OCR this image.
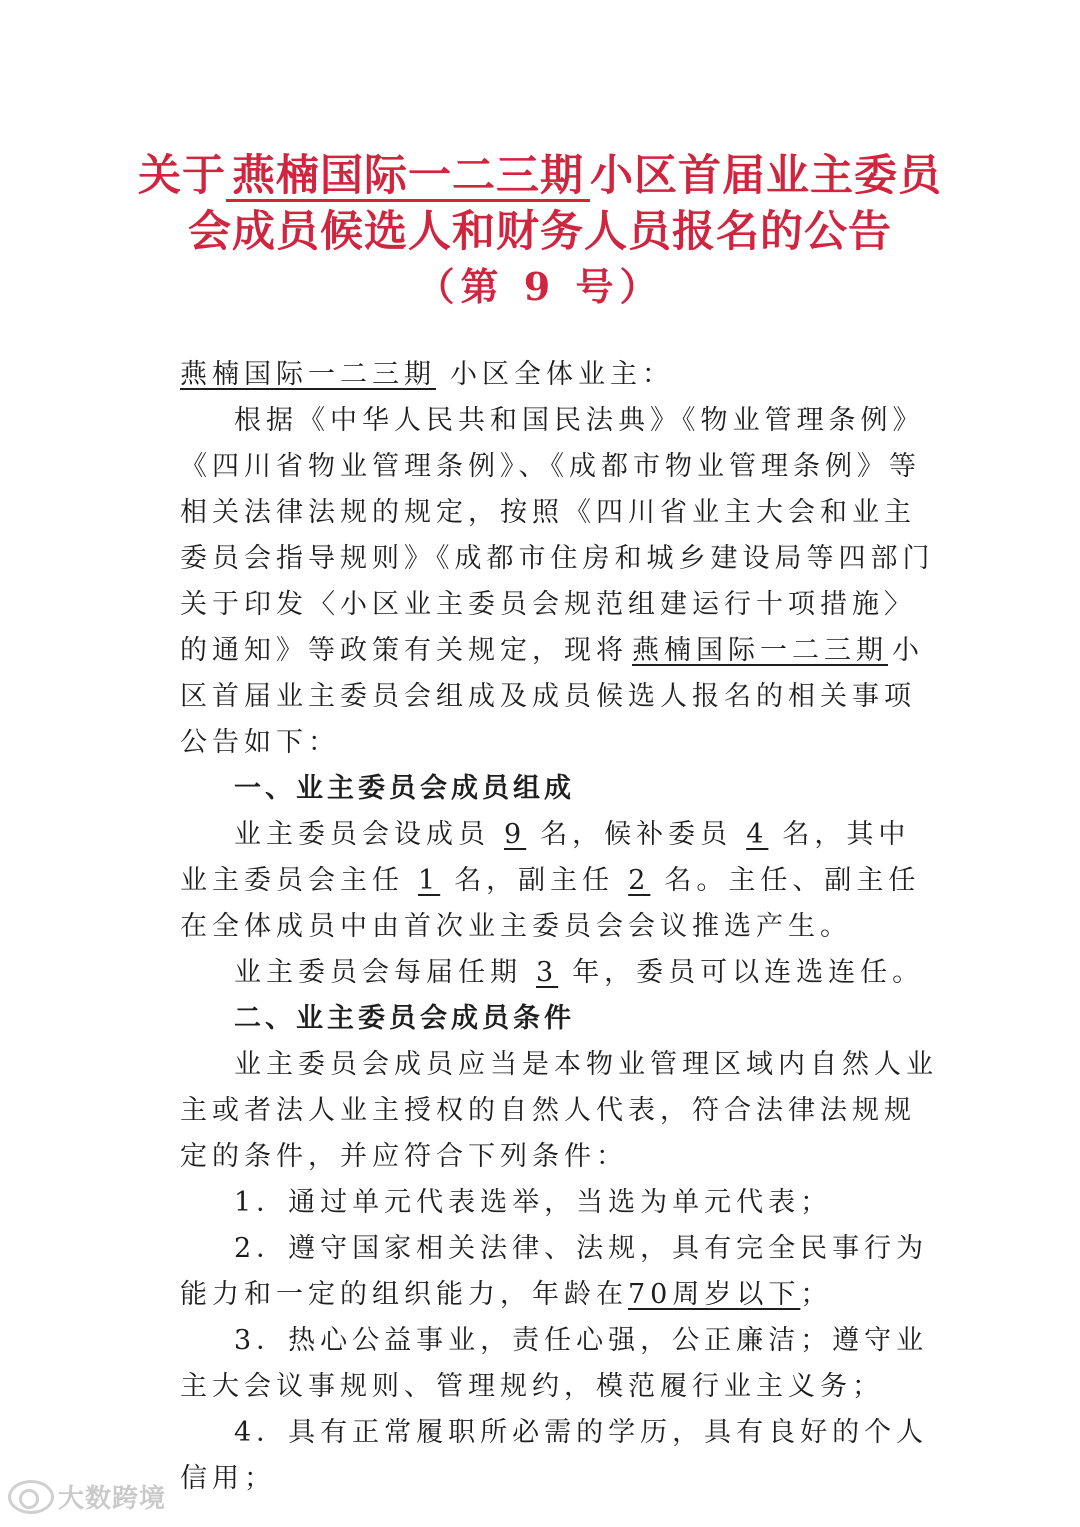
关于 燕楠国际一二三期 小区首届业主委员
会成员候选人和财务人员报名的公告
（第 9 号）
燕楠国际一二三期 小区全体业主：
根据《中华人民共和国民法典》《物业管理条例》《四川省物业管理条例》、《成都市物业管理条例》等相关法律法规的规定，按照《四川省业主大会和业主委员会指导规则》《成都市住房和城乡建设局等四部门关于印发〈小区业主委员会规范组建运行十项措施〉的通知》等政策有关规定，现将 燕楠国际一二三期 小区首届业主委员会组成及成员候选人报名的相关事项公告如下：
一、业主委员会成员组成
业主委员会设成员 9 名，候补委员 4 名，其中业主委员会主任 1 名，副主任 2 名。主任、副主任在全体成员中由首次业主委员会会议推选产生。
业主委员会每届任期 3 年，委员可以连选连任。
二、业主委员会成员条件
业主委员会成员应当是本物业管理区域内自然人业主或者法人业主授权的自然人代表，符合法律法规规定的条件，并应符合下列条件：
1．通过单元代表选举，当选为单元代表；
2．遵守国家相关法律、法规，具有完全民事行为能力和一定的组织能力，年龄在70周岁以下；
3．热心公益事业，责任心强，公正廉洁；遵守业主大会议事规则、管理规约，模范履行业主义务；
4．具有正常履职所必需的学历，具有良好的个人信用；
大数跨境
